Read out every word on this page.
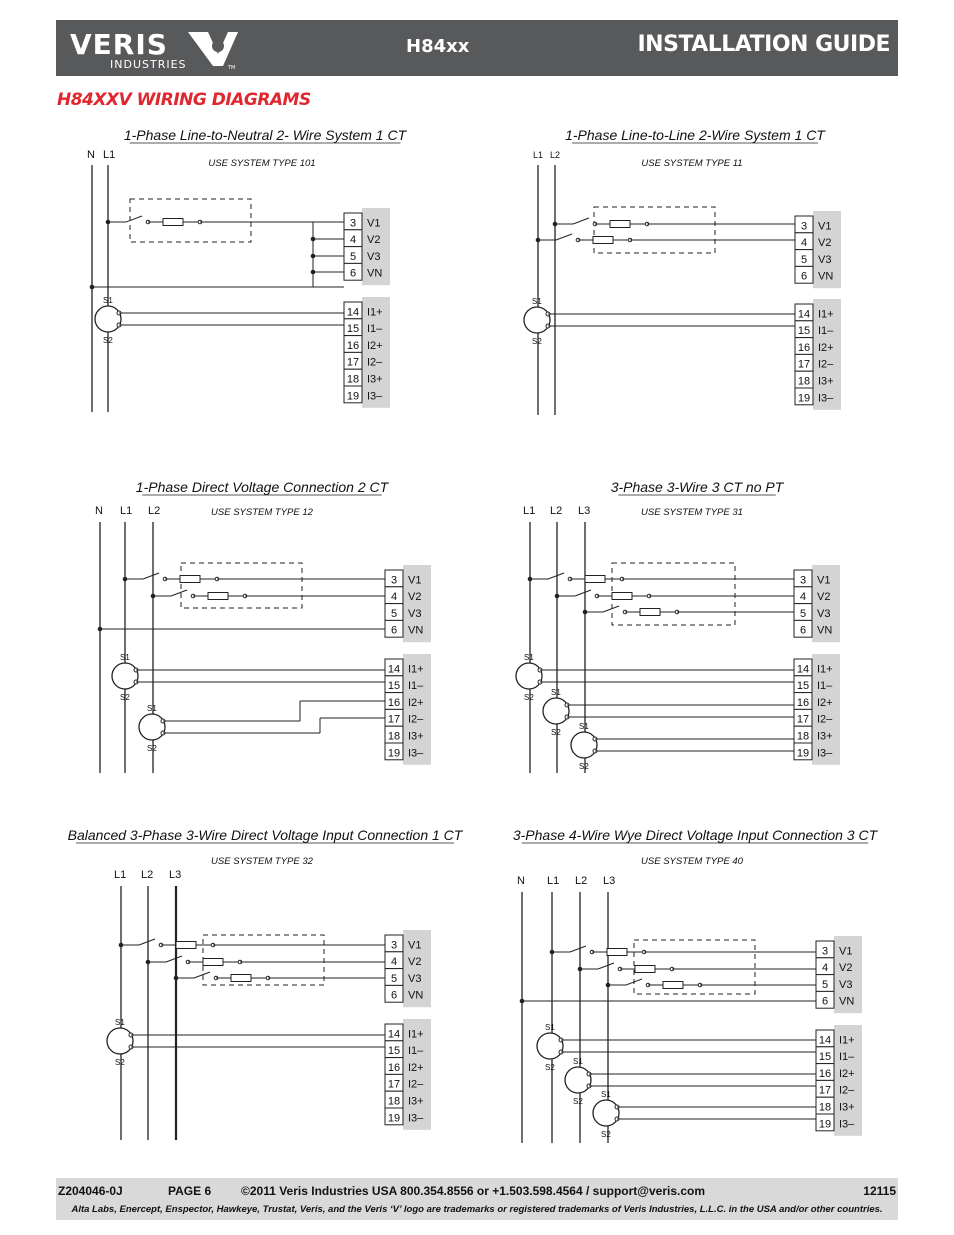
VERIS
INDUSTRIES	TM
H84xx	INSTALLATION GUIDE
H84XXV WIRING DIAGRAMS
1-Phase Line-to-Neutral 2- Wire System 1 CT
USE SYSTEM TYPE 101
N L1
3 V1
4 V2
5 V3
6 VN
14 I1+
15 I1–
16 I2+
17 I2–
18 I3+
19 I3–
S1
S2
1-Phase Line-to-Line 2-Wire System 1 CT
USE SYSTEM TYPE 11
L1 L2
3 V1
4 V2
5 V3
6 VN
14 I1+
15 I1–
16 I2+
17 I2–
18 I3+
19 I3–
S1
S2
1-Phase Direct Voltage Connection 2 CT
USE SYSTEM TYPE 12
N L1 L2
3 V1
4 V2
5 V3
6 VN
14 I1+
15 I1–
16 I2+
17 I2–
18 I3+
19 I3–
S1
S2
S1
S2
3-Phase 3-Wire 3 CT no PT
USE SYSTEM TYPE 31
L1 L2 L3
3 V1
4 V2
5 V3
6 VN
14 I1+
15 I1–
16 I2+
17 I2–
18 I3+
19 I3–
S1
S2
S1
S2
S1
S2
Balanced 3-Phase 3-Wire Direct Voltage Input Connection 1 CT
USE SYSTEM TYPE 32
L1 L2 L3
3 V1
4 V2
5 V3
6 VN
14 I1+
15 I1–
16 I2+
17 I2–
18 I3+
19 I3–
S1
S2
3-Phase 4-Wire Wye Direct Voltage Input Connection 3 CT
USE SYSTEM TYPE 40
N L1 L2 L3
3 V1
4 V2
5 V3
6 VN
14 I1+
15 I1–
16 I2+
17 I2–
18 I3+
19 I3–
S1
S2
S1
S2
S1
S2
Z204046-0J	PAGE 6 ©2011 Veris Industries USA 800.354.8556 or +1.503.598.4564 / support@veris.com	12115
Alta Labs, Enercept, Enspector, Hawkeye, Trustat, Veris, and the Veris ‘V’ logo are trademarks or registered trademarks of Veris Industries, L.L.C. in the USA and/or other countries.
